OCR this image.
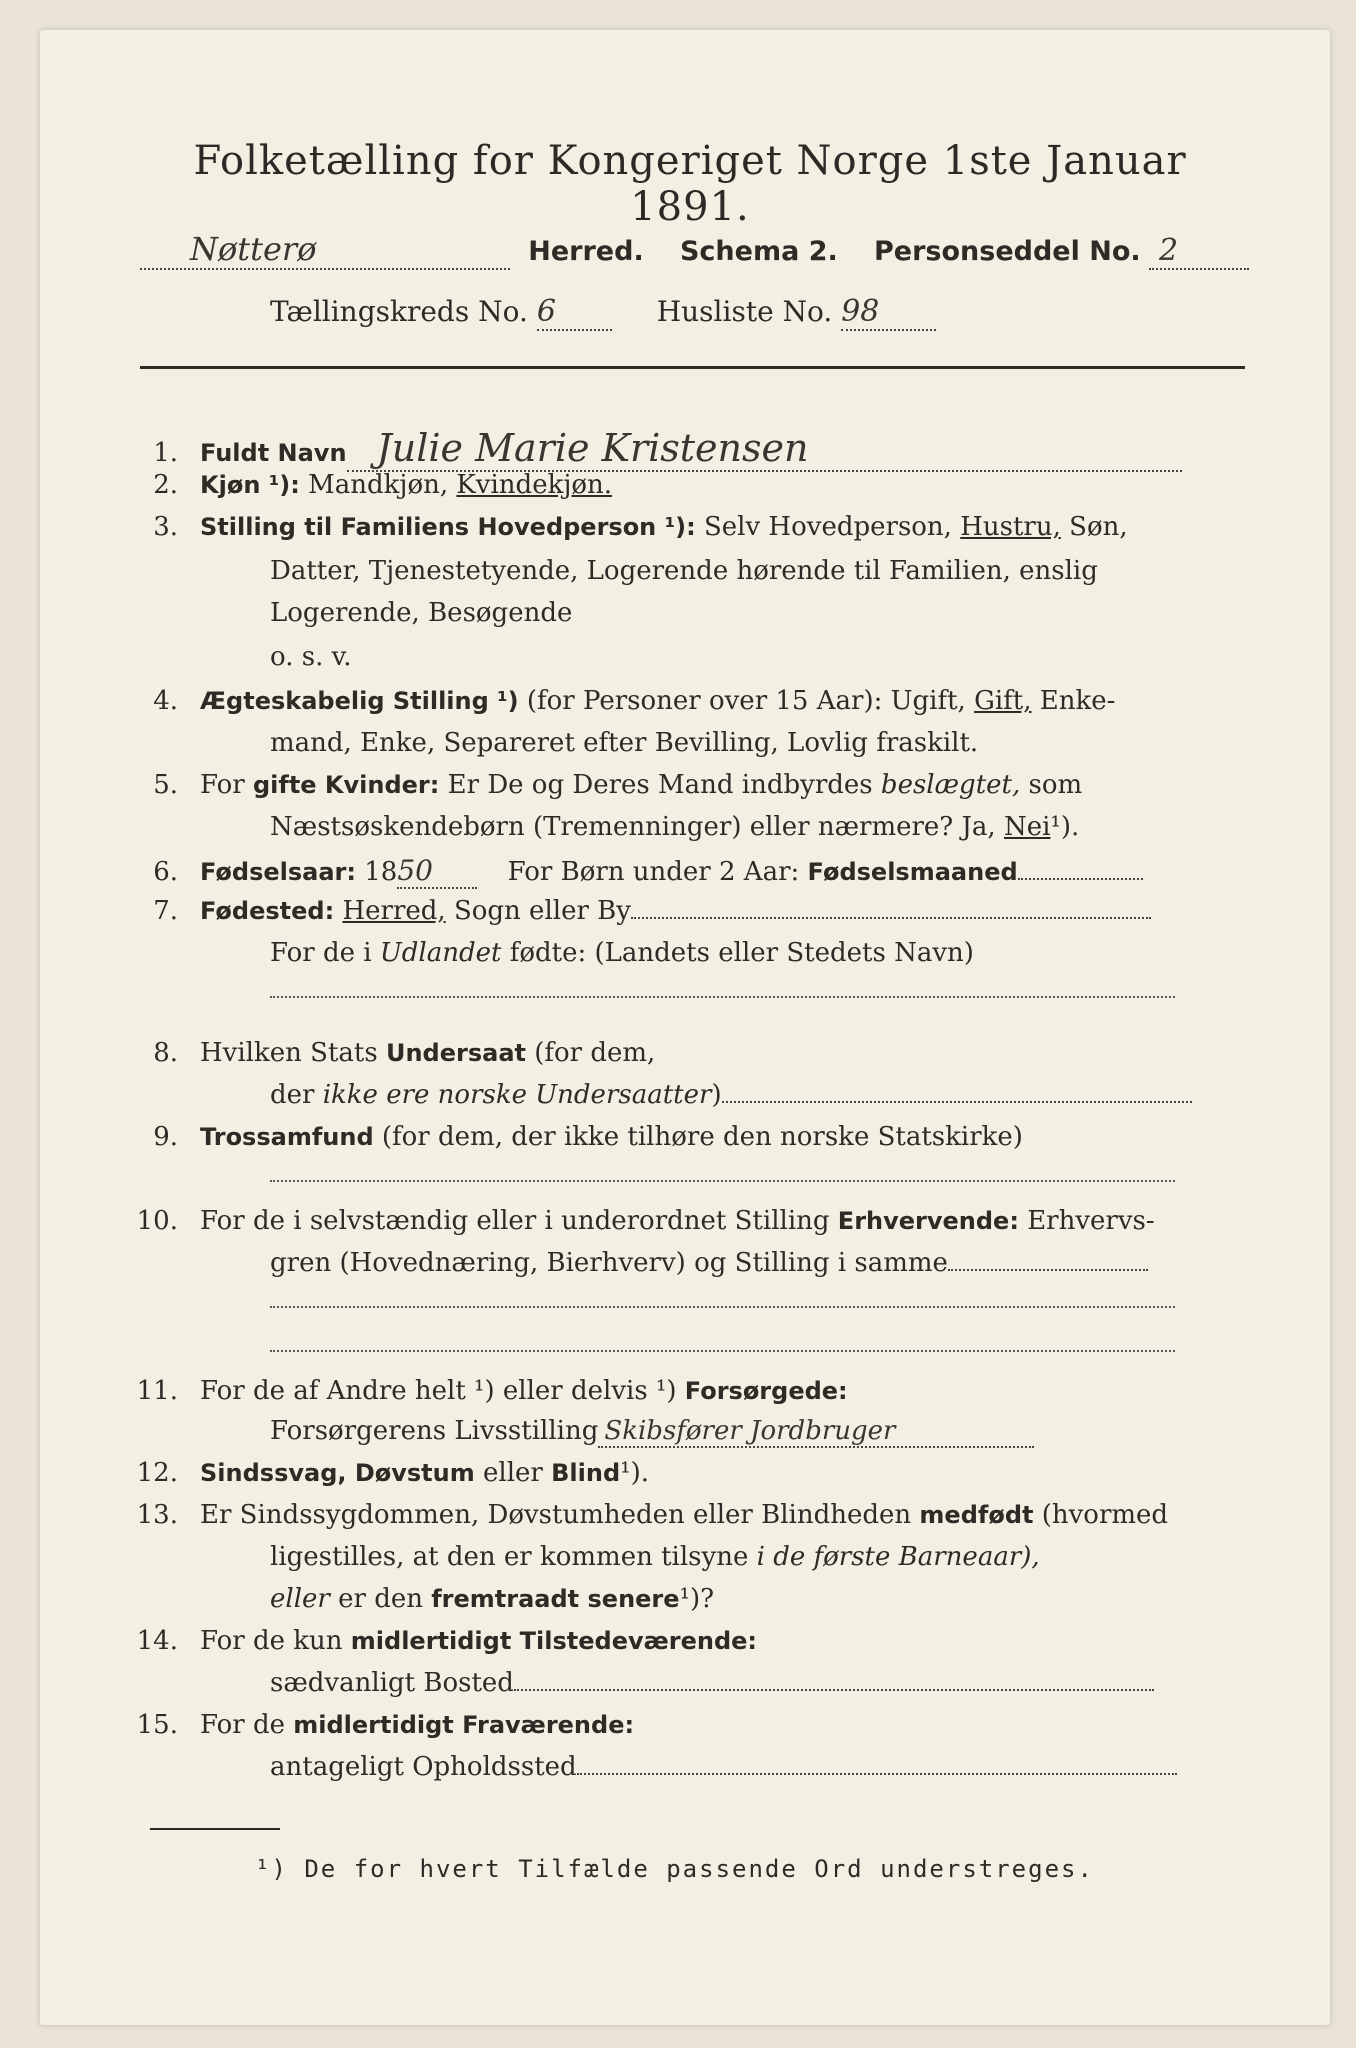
Folketælling for Kongeriget Norge 1ste Januar 1891.
Nøtterø	Herred. Schema 2. Personseddel No. 2
Tællingskreds No. 6	Husliste No. 98
1. Fuldt Navn Julie Marie Kristensen
2. Kjøn ¹): Mandkjøn, Kvindekjøn.
3. Stilling til Familiens Hovedperson ¹): Selv Hovedperson, Hustru, Søn,
Datter, Tjenestetyende, Logerende hørende til Familien, enslig
Logerende, Besøgende
o. s. v.
4. Ægteskabelig Stilling ¹) (for Personer over 15 Aar): Ugift, Gift, Enke-
mand, Enke, Separeret efter Bevilling, Lovlig fraskilt.
5. For gifte Kvinder: Er De og Deres Mand indbyrdes beslægtet, som
Næstsøskendebørn (Tremenninger) eller nærmere? Ja, Nei¹).
6. Fødselsaar: 1850	For Børn under 2 Aar: Fødselsmaaned
7. Fødested: Herred, Sogn eller By
For de i Udlandet fødte: (Landets eller Stedets Navn)
8. Hvilken Stats Undersaat (for dem,
der ikke ere norske Undersaatter)
9. Trossamfund (for dem, der ikke tilhøre den norske Statskirke)
10. For de i selvstændig eller i underordnet Stilling Erhvervende: Erhvervs-
gren (Hovednæring, Bierhverv) og Stilling i samme
11. For de af Andre helt ¹) eller delvis ¹) Forsørgede:
Forsørgerens Livsstilling Skibsfører Jordbruger
12. Sindssvag, Døvstum eller Blind¹).
13. Er Sindssygdommen, Døvstumheden eller Blindheden medfødt (hvormed
ligestilles, at den er kommen tilsyne i de første Barneaar),
eller er den fremtraadt senere¹)?
14. For de kun midlertidigt Tilstedeværende:
sædvanligt Bosted
15. For de midlertidigt Fraværende:
antageligt Opholdssted
¹) De for hvert Tilfælde passende Ord understreges.
